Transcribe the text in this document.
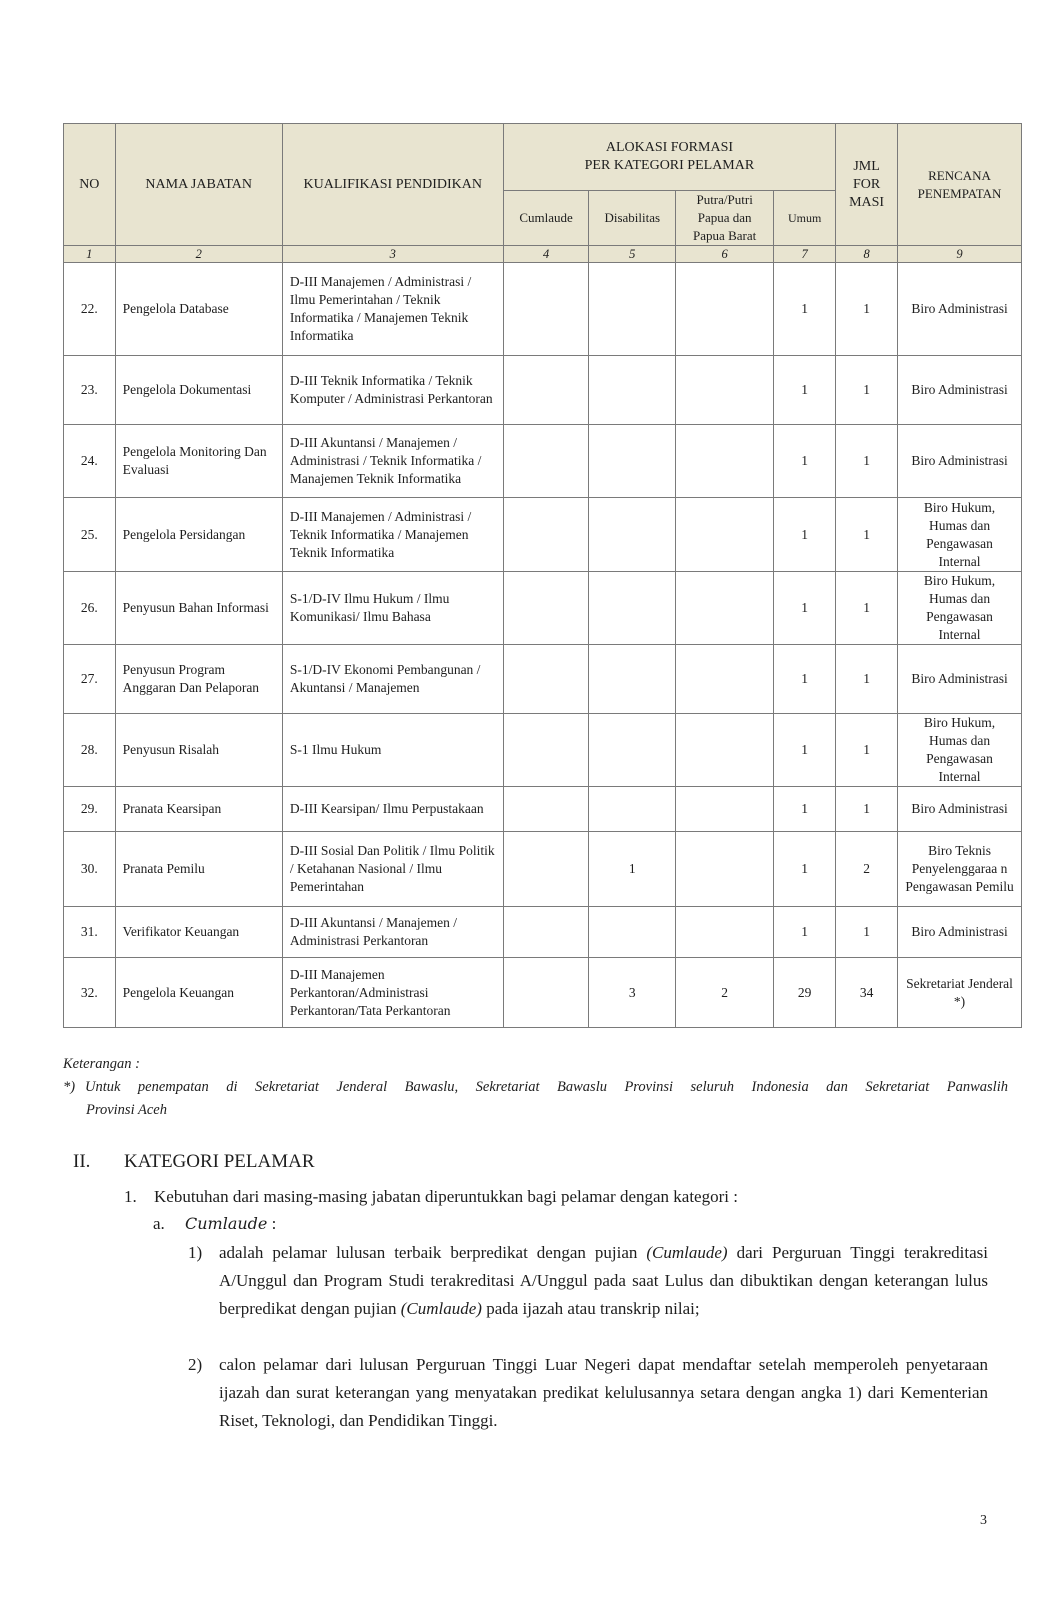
NO	NAMA JABATAN	KUALIFIKASI PENDIDIKAN	ALOKASI FORMASI
PER KATEGORI PELAMAR				JML FOR MASI	RENCANA PENEMPATAN
			Cumlaude	Disabilitas	Putra/Putri Papua dan Papua Barat	Umum		
1	2	3	4	5	6	7	8	9
22.	Pengelola Database	D-III Manajemen / Administrasi / Ilmu Pemerintahan / Teknik Informatika / Manajemen Teknik Informatika				1	1	Biro Administrasi
23.	Pengelola Dokumentasi	D-III Teknik Informatika / Teknik Komputer / Administrasi Perkantoran				1	1	Biro Administrasi
24.	Pengelola Monitoring Dan Evaluasi	D-III Akuntansi / Manajemen / Administrasi / Teknik Informatika / Manajemen Teknik Informatika				1	1	Biro Administrasi
25.	Pengelola Persidangan	D-III Manajemen / Administrasi / Teknik Informatika / Manajemen Teknik Informatika				1	1	Biro Hukum, Humas dan Pengawasan Internal
26.	Penyusun Bahan Informasi	S-1/D-IV Ilmu Hukum / Ilmu Komunikasi/ Ilmu Bahasa				1	1	Biro Hukum, Humas dan Pengawasan Internal
27.	Penyusun Program Anggaran Dan Pelaporan	S-1/D-IV Ekonomi Pembangunan / Akuntansi / Manajemen				1	1	Biro Administrasi
28.	Penyusun Risalah	S-1 Ilmu Hukum				1	1	Biro Hukum, Humas dan Pengawasan Internal
29.	Pranata Kearsipan	D-III Kearsipan/ Ilmu Perpustakaan				1	1	Biro Administrasi
30.	Pranata Pemilu	D-III Sosial Dan Politik / Ilmu Politik / Ketahanan Nasional / Ilmu Pemerintahan		1		1	2	Biro Teknis Penyelenggaraa n Pengawasan Pemilu
31.	Verifikator Keuangan	D-III Akuntansi / Manajemen / Administrasi Perkantoran				1	1	Biro Administrasi
32.	Pengelola Keuangan	D-III Manajemen Perkantoran/Administrasi Perkantoran/Tata Perkantoran		3	2	29	34	Sekretariat Jenderal *)
Keterangan :
*) Untuk penempatan di Sekretariat Jenderal Bawaslu, Sekretariat Bawaslu Provinsi seluruh Indonesia dan Sekretariat Panwaslih
Provinsi Aceh
II. KATEGORI PELAMAR
1. Kebutuhan dari masing-masing jabatan diperuntukkan bagi pelamar dengan kategori :
a. Cumlaude :
1) adalah pelamar lulusan terbaik berpredikat dengan pujian (Cumlaude) dari Perguruan Tinggi terakreditasi A/Unggul dan Program Studi terakreditasi A/Unggul pada saat Lulus dan dibuktikan dengan keterangan lulus berpredikat dengan pujian (Cumlaude) pada ijazah atau transkrip nilai;
2) calon pelamar dari lulusan Perguruan Tinggi Luar Negeri dapat mendaftar setelah memperoleh penyetaraan ijazah dan surat keterangan yang menyatakan predikat kelulusannya setara dengan angka 1) dari Kementerian Riset, Teknologi, dan Pendidikan Tinggi.
3
